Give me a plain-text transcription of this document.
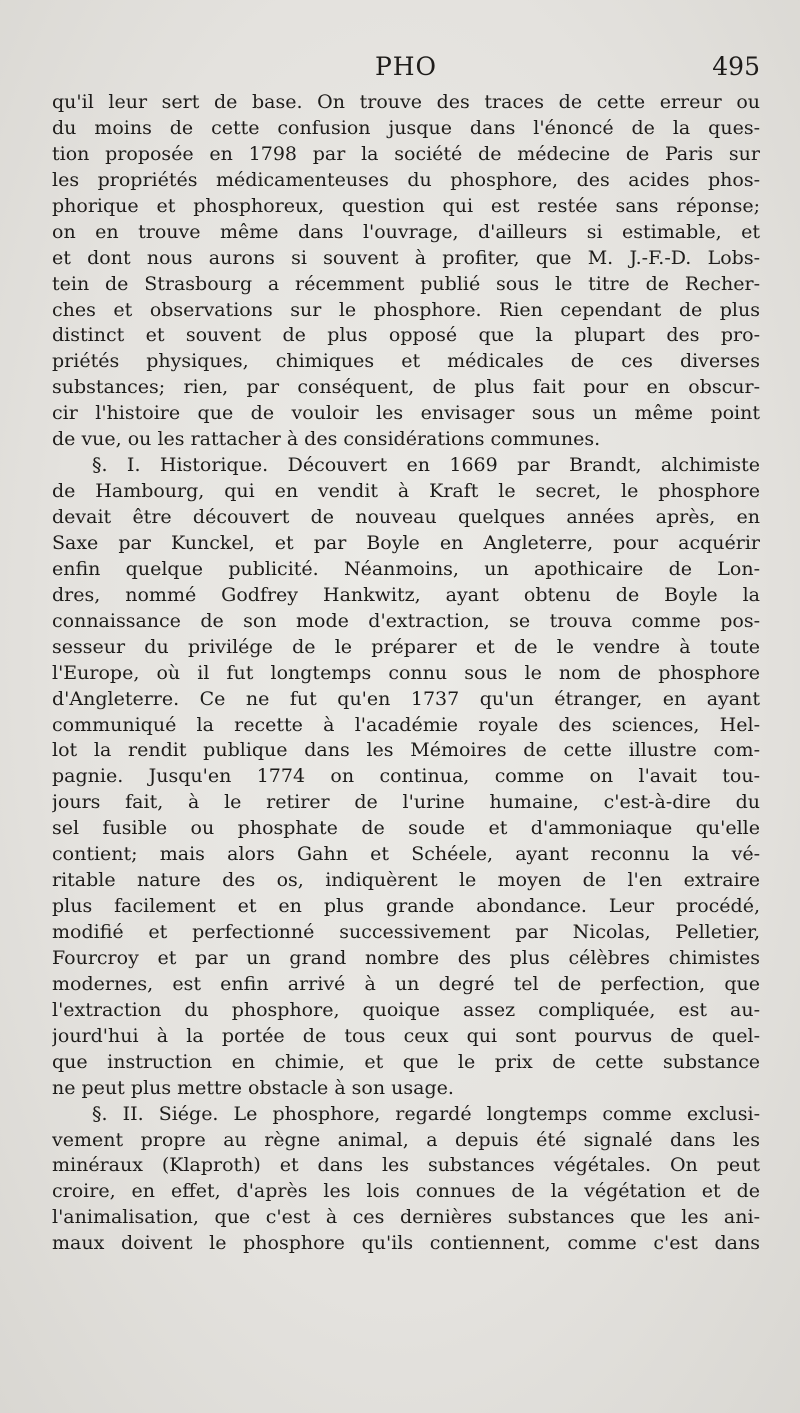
PHO	495
qu'il leur sert de base. On trouve des traces de cette erreur ou
du moins de cette confusion jusque dans l'énoncé de la ques-
tion proposée en 1798 par la société de médecine de Paris sur
les propriétés médicamenteuses du phosphore, des acides phos-
phorique et phosphoreux, question qui est restée sans réponse;
on en trouve même dans l'ouvrage, d'ailleurs si estimable, et
et dont nous aurons si souvent à profiter, que M. J.-F.-D. Lobs-
tein de Strasbourg a récemment publié sous le titre de Recher-
ches et observations sur le phosphore. Rien cependant de plus
distinct et souvent de plus opposé que la plupart des pro-
priétés physiques, chimiques et médicales de ces diverses
substances; rien, par conséquent, de plus fait pour en obscur-
cir l'histoire que de vouloir les envisager sous un même point
de vue, ou les rattacher à des considérations communes.
§. I. Historique. Découvert en 1669 par Brandt, alchimiste
de Hambourg, qui en vendit à Kraft le secret, le phosphore
devait être découvert de nouveau quelques années après, en
Saxe par Kunckel, et par Boyle en Angleterre, pour acquérir
enfin quelque publicité. Néanmoins, un apothicaire de Lon-
dres, nommé Godfrey Hankwitz, ayant obtenu de Boyle la
connaissance de son mode d'extraction, se trouva comme pos-
sesseur du privilége de le préparer et de le vendre à toute
l'Europe, où il fut longtemps connu sous le nom de phosphore
d'Angleterre. Ce ne fut qu'en 1737 qu'un étranger, en ayant
communiqué la recette à l'académie royale des sciences, Hel-
lot la rendit publique dans les Mémoires de cette illustre com-
pagnie. Jusqu'en 1774 on continua, comme on l'avait tou-
jours fait, à le retirer de l'urine humaine, c'est-à-dire du
sel fusible ou phosphate de soude et d'ammoniaque qu'elle
contient; mais alors Gahn et Schéele, ayant reconnu la vé-
ritable nature des os, indiquèrent le moyen de l'en extraire
plus facilement et en plus grande abondance. Leur procédé,
modifié et perfectionné successivement par Nicolas, Pelletier,
Fourcroy et par un grand nombre des plus célèbres chimistes
modernes, est enfin arrivé à un degré tel de perfection, que
l'extraction du phosphore, quoique assez compliquée, est au-
jourd'hui à la portée de tous ceux qui sont pourvus de quel-
que instruction en chimie, et que le prix de cette substance
ne peut plus mettre obstacle à son usage.
§. II. Siége. Le phosphore, regardé longtemps comme exclusi-
vement propre au règne animal, a depuis été signalé dans les
minéraux (Klaproth) et dans les substances végétales. On peut
croire, en effet, d'après les lois connues de la végétation et de
l'animalisation, que c'est à ces dernières substances que les ani-
maux doivent le phosphore qu'ils contiennent, comme c'est dans
